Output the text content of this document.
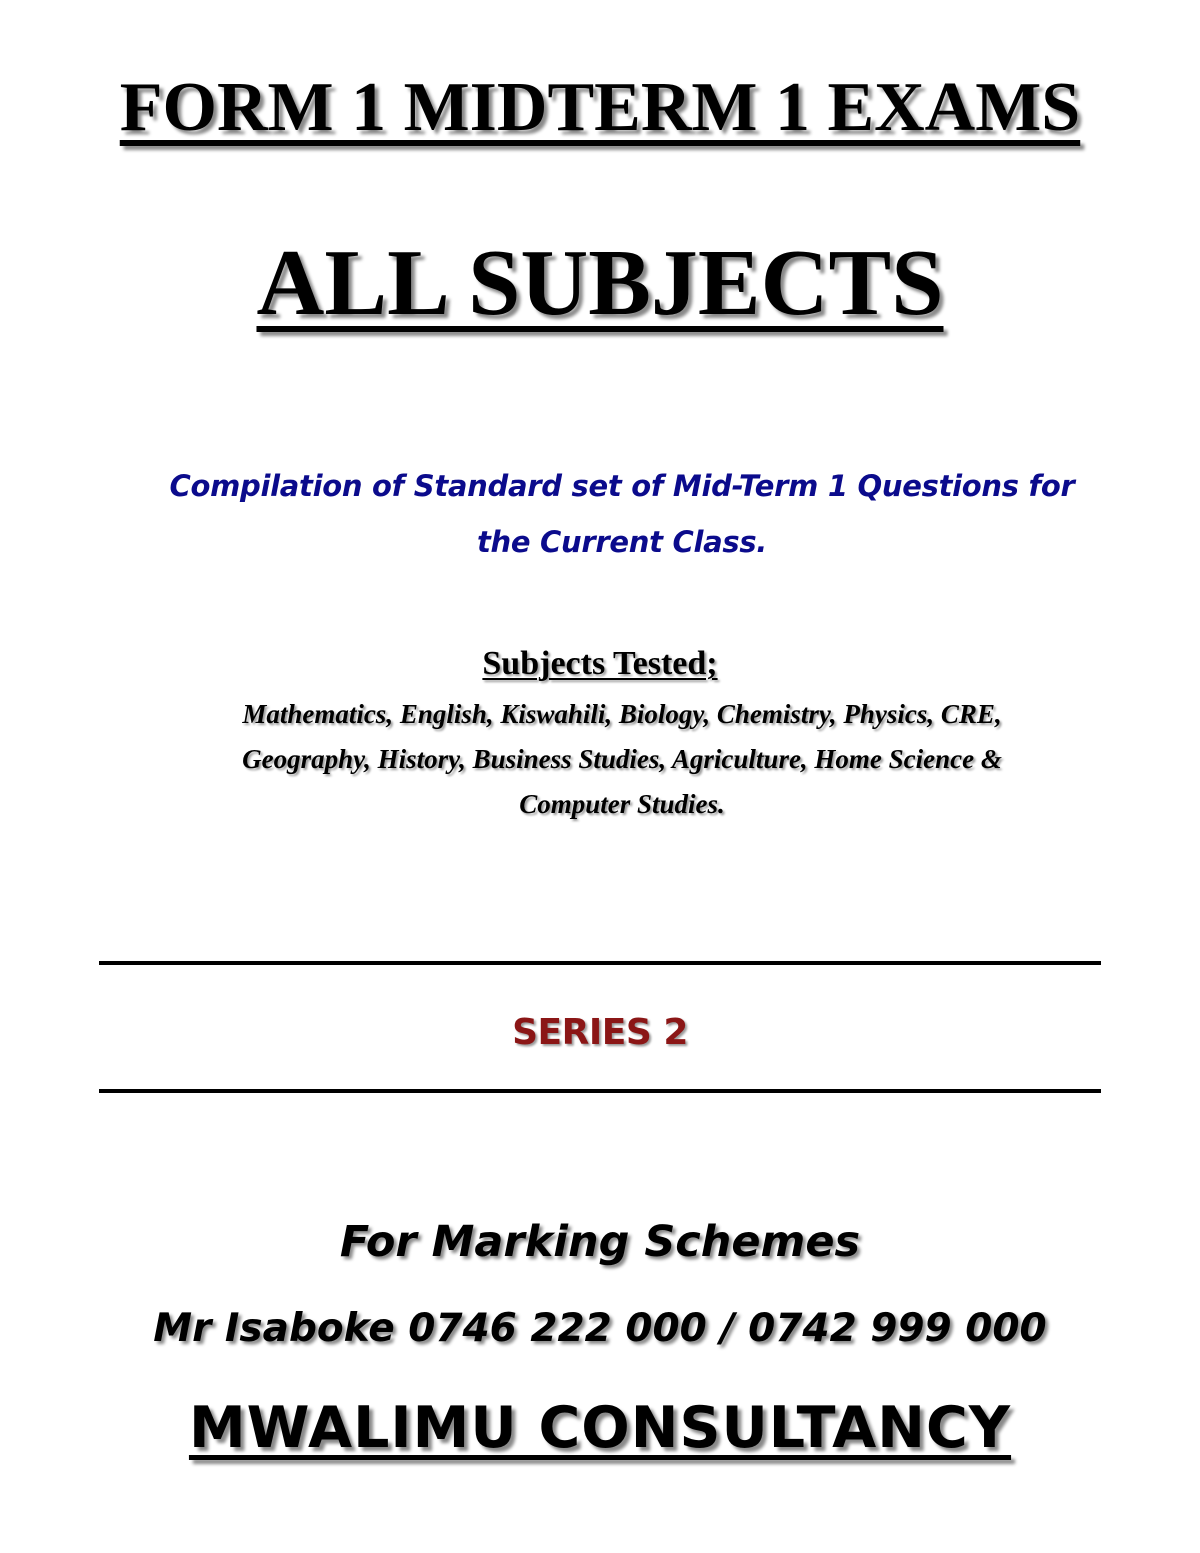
FORM 1 MIDTERM 1 EXAMS
ALL SUBJECTS
Compilation of Standard set of Mid-Term 1 Questions for
the Current Class.
Subjects Tested;
Mathematics, English, Kiswahili, Biology, Chemistry, Physics, CRE,
Geography, History, Business Studies, Agriculture, Home Science &
Computer Studies.
SERIES 2
For Marking Schemes
Mr Isaboke 0746 222 000 / 0742 999 000
MWALIMU CONSULTANCY
